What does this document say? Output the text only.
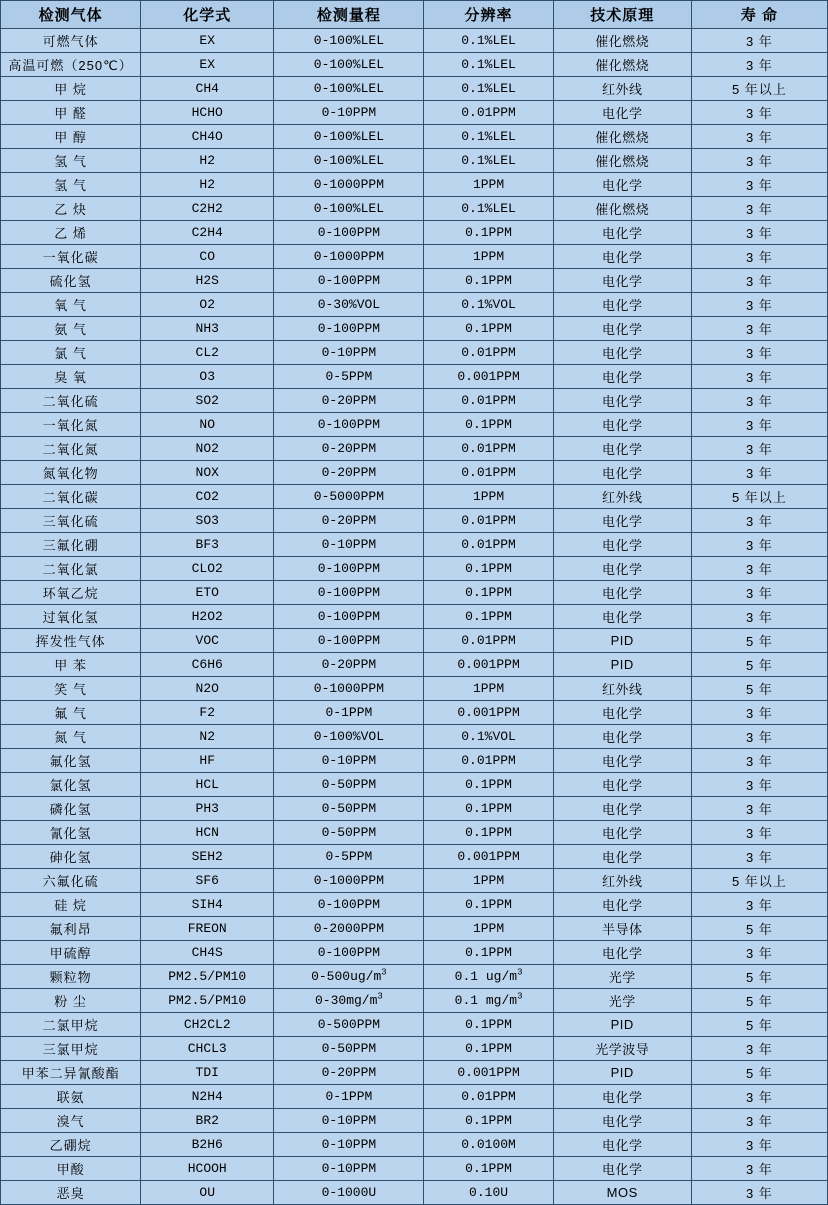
检测气体	化学式	检测量程	分辨率	技术原理	寿 命
可燃气体	EX	0-100%LEL	0.1%LEL	催化燃烧	3 年
高温可燃（250℃）	EX	0-100%LEL	0.1%LEL	催化燃烧	3 年
甲 烷	CH4	0-100%LEL	0.1%LEL	红外线	5 年以上
甲 醛	HCHO	0-10PPM	0.01PPM	电化学	3 年
甲 醇	CH4O	0-100%LEL	0.1%LEL	催化燃烧	3 年
氢 气	H2	0-100%LEL	0.1%LEL	催化燃烧	3 年
氢 气	H2	0-1000PPM	1PPM	电化学	3 年
乙 炔	C2H2	0-100%LEL	0.1%LEL	催化燃烧	3 年
乙 烯	C2H4	0-100PPM	0.1PPM	电化学	3 年
一氧化碳	CO	0-1000PPM	1PPM	电化学	3 年
硫化氢	H2S	0-100PPM	0.1PPM	电化学	3 年
氧 气	O2	0-30%VOL	0.1%VOL	电化学	3 年
氨 气	NH3	0-100PPM	0.1PPM	电化学	3 年
氯 气	CL2	0-10PPM	0.01PPM	电化学	3 年
臭 氧	O3	0-5PPM	0.001PPM	电化学	3 年
二氧化硫	SO2	0-20PPM	0.01PPM	电化学	3 年
一氧化氮	NO	0-100PPM	0.1PPM	电化学	3 年
二氧化氮	NO2	0-20PPM	0.01PPM	电化学	3 年
氮氧化物	NOX	0-20PPM	0.01PPM	电化学	3 年
二氧化碳	CO2	0-5000PPM	1PPM	红外线	5 年以上
三氧化硫	SO3	0-20PPM	0.01PPM	电化学	3 年
三氟化硼	BF3	0-10PPM	0.01PPM	电化学	3 年
二氧化氯	CLO2	0-100PPM	0.1PPM	电化学	3 年
环氧乙烷	ETO	0-100PPM	0.1PPM	电化学	3 年
过氧化氢	H2O2	0-100PPM	0.1PPM	电化学	3 年
挥发性气体	VOC	0-100PPM	0.01PPM	PID	5 年
甲 苯	C6H6	0-20PPM	0.001PPM	PID	5 年
笑 气	N2O	0-1000PPM	1PPM	红外线	5 年
氟 气	F2	0-1PPM	0.001PPM	电化学	3 年
氮 气	N2	0-100%VOL	0.1%VOL	电化学	3 年
氟化氢	HF	0-10PPM	0.01PPM	电化学	3 年
氯化氢	HCL	0-50PPM	0.1PPM	电化学	3 年
磷化氢	PH3	0-50PPM	0.1PPM	电化学	3 年
氰化氢	HCN	0-50PPM	0.1PPM	电化学	3 年
砷化氢	SEH2	0-5PPM	0.001PPM	电化学	3 年
六氟化硫	SF6	0-1000PPM	1PPM	红外线	5 年以上
硅 烷	SIH4	0-100PPM	0.1PPM	电化学	3 年
氟利昂	FREON	0-2000PPM	1PPM	半导体	5 年
甲硫醇	CH4S	0-100PPM	0.1PPM	电化学	3 年
颗粒物	PM2.5/PM10	$0-500ug/m^3$	0.1 $ug/m^3$	光学	5 年
粉 尘	PM2.5/PM10	$0-30mg/m^3$	0.1 $mg/m^3$	光学	5 年
二氯甲烷	CH2CL2	0-500PPM	0.1PPM	PID	5 年
三氯甲烷	CHCL3	0-50PPM	0.1PPM	光学波导	3 年
甲苯二异氰酸酯	TDI	0-20PPM	0.001PPM	PID	5 年
联氨	N2H4	0-1PPM	0.01PPM	电化学	3 年
溴气	BR2	0-10PPM	0.1PPM	电化学	3 年
乙硼烷	B2H6	0-10PPM	0.0100M	电化学	3 年
甲酸	HCOOH	0-10PPM	0.1PPM	电化学	3 年
恶臭	OU	0-1000U	0.10U	MOS	3 年
